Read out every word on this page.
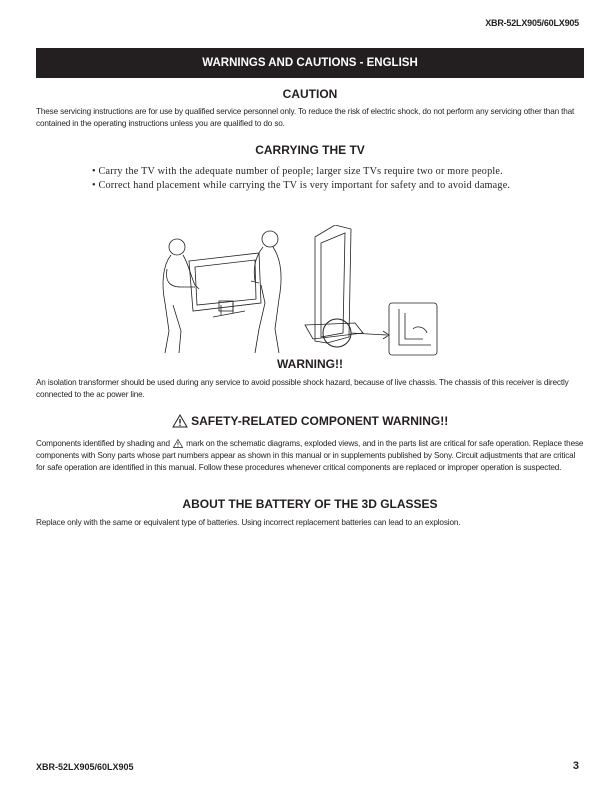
XBR-52LX905/60LX905
WARNINGS AND CAUTIONS - ENGLISH
CAUTION
These servicing instructions are for use by qualified service personnel only. To reduce the risk of electric shock, do not perform any servicing other than that contained in the operating instructions unless you are qualified to do so.
CARRYING THE TV
• Carry the TV with the adequate number of people; larger size TVs require two or more people.
• Correct hand placement while carrying the TV is very important for safety and to avoid damage.
WARNING!!
An isolation transformer should be used during any service to avoid possible shock hazard, because of live chassis. The chassis of this receiver is directly connected to the ac power line.
SAFETY-RELATED COMPONENT WARNING!!
Components identified by shading and mark on the schematic diagrams, exploded views, and in the parts list are critical for safe operation. Replace these components with Sony parts whose part numbers appear as shown in this manual or in supplements published by Sony. Circuit adjustments that are critical for safe operation are identified in this manual. Follow these procedures whenever critical components are replaced or improper operation is suspected.
ABOUT THE BATTERY OF THE 3D GLASSES
Replace only with the same or equivalent type of batteries. Using incorrect replacement batteries can lead to an explosion.
XBR-52LX905/60LX905	3
